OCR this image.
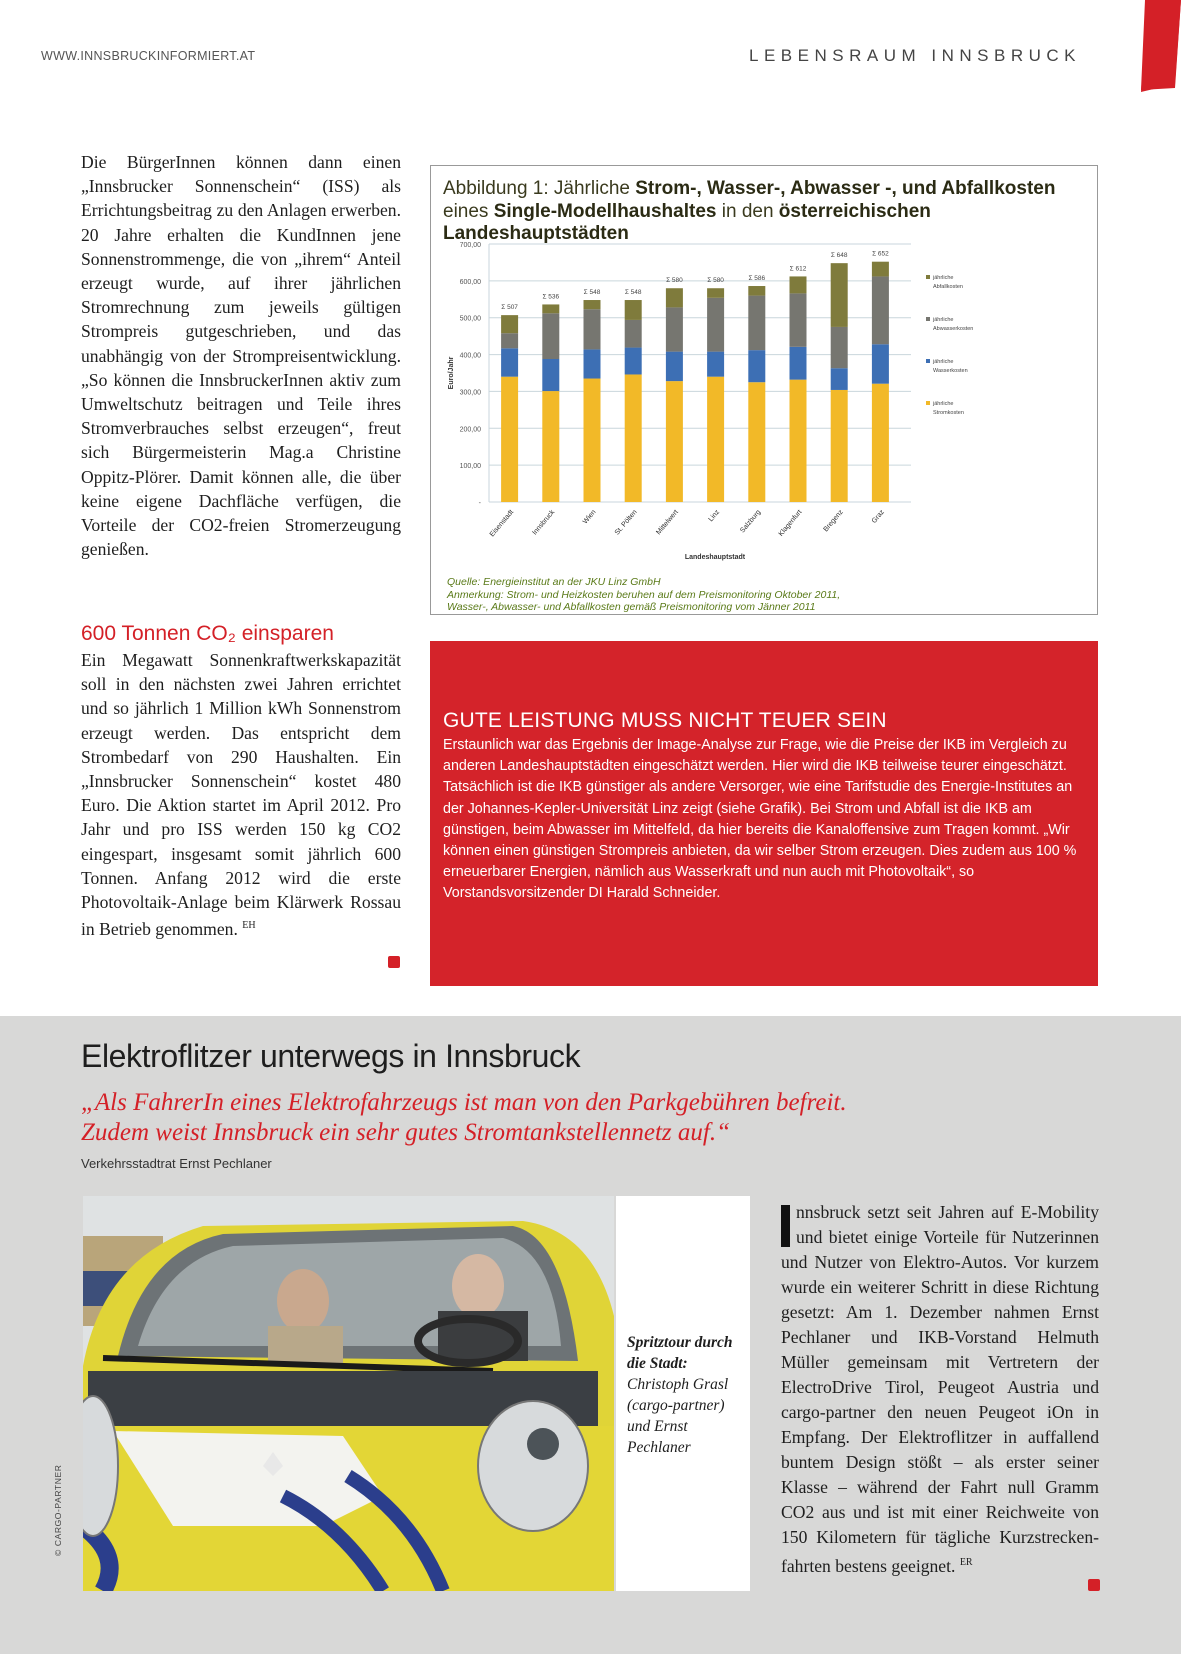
WWW.INNSBRUCKINFORMIERT.AT	LEBENSRAUM INNSBRUCK 15

Die BürgerInnen können dann einen „Innsbrucker Sonnenschein“ (ISS) als Errichtungsbeitrag zu den Anlagen erwerben. 20 Jahre erhalten die KundInnen jene Sonnenstrommenge, die von „ihrem“ Anteil erzeugt wurde, auf ihrer jährlichen Stromrechnung zum jeweils gültigen Strompreis gutgeschrieben, und das unabhängig von der Strompreisentwicklung. „So können die InnsbruckerInnen aktiv zum Umweltschutz beitragen und Teile ihres Stromverbrauches selbst erzeugen“, freut sich Bürgermeisterin Mag.a Christine Oppitz-Plörer. Damit können alle, die über keine eigene Dachfläche verfügen, die Vorteile der CO2-freien Stromerzeugung genießen.

600 Tonnen CO₂ einsparen

Ein Megawatt Sonnenkraftwerkskapazität soll in den nächsten zwei Jahren errichtet und so jährlich 1 Million kWh Sonnenstrom erzeugt werden. Das entspricht dem Strombedarf von 290 Haushalten. Ein „Innsbrucker Sonnenschein“ kostet 480 Euro. Die Aktion startet im April 2012. Pro Jahr und pro ISS werden 150 kg CO2 eingespart, insgesamt somit jährlich 600 Tonnen. Anfang 2012 wird die erste Photovoltaik-Anlage beim Klärwerk Rossau in Betrieb genommen. $^{EH}$

Abbildung 1: Jährliche Strom-, Wasser-, Abwasser -, und Abfallkosten eines Single-Modellhaushaltes in den österreichischen Landeshauptstädten
-
100,00
200,00
300,00
400,00
500,00
600,00
700,00
Euro/Jahr
Σ 507
Eisenstadt
Σ 536
Innsbruck
Σ 548
Wien
Σ 548
St. Pölten
Σ 580
Mittelwert
Σ 580
Linz
Σ 586
Salzburg
Σ 612
Klagenfurt
Σ 648
Bregenz
Σ 652
Graz
Landeshauptstadt
jährliche
Abfallkosten
jährliche
Abwasserkosten
jährliche
Wasserkosten
jährliche
Stromkosten
Quelle: Energieinstitut an der JKU Linz GmbH
Anmerkung: Strom- und Heizkosten beruhen auf dem Preismonitoring Oktober 2011,
Wasser-, Abwasser- und Abfallkosten gemäß Preismonitoring vom Jänner 2011
GUTE LEISTUNG MUSS NICHT TEUER SEIN
Erstaunlich war das Ergebnis der Image-Analyse zur Frage, wie die Preise der IKB im Vergleich zu anderen Landeshauptstädten eingeschätzt werden. Hier wird die IKB teilweise teurer eingeschätzt. Tatsächlich ist die IKB günstiger als andere Versorger, wie eine Tarifstudie des Energie-Institutes an der Johannes-Kepler-Universität Linz zeigt (siehe Grafik). Bei Strom und Abfall ist die IKB am günstigen, beim Abwasser im Mittelfeld, da hier bereits die Kanaloffensive zum Tragen kommt. „Wir können einen günstigen Strompreis anbieten, da wir selber Strom erzeugen. Dies zudem aus 100 % erneuerbarer Energien, nämlich aus Wasserkraft und nun auch mit Photovoltaik“, so Vorstandsvorsitzender DI Harald Schneider.
Elektroflitzer unterwegs in Innsbruck
„Als FahrerIn eines Elektrofahrzeugs ist man von den Parkgebühren befreit.
Zudem weist Innsbruck ein sehr gutes Stromtankstellennetz auf.“
Verkehrsstadtrat Ernst Pechlaner
© CARGO-PARTNER
Spritztour durch die Stadt:
Christoph Grasl (cargo-partner) und Ernst Pechlaner
nnsbruck setzt seit Jahren auf E-Mobility und bietet einige Vorteile für Nutzerinnen und Nutzer von Elektro-Autos. Vor kurzem wurde ein weiterer Schritt in diese Richtung gesetzt: Am 1. Dezember nahmen Ernst Pechlaner und IKB-Vorstand Helmuth Müller gemeinsam mit Vertretern der ElectroDrive Tirol, Peugeot Austria und cargo-partner den neuen Peugeot iOn in Empfang. Der Elektroflitzer in auffallend buntem Design stößt – als erster seiner Klasse – während der Fahrt null Gramm CO2 aus und ist mit einer Reichweite von 150 Kilometern für tägliche Kurzstreckenfahrten bestens geeignet. $^{ER}$
